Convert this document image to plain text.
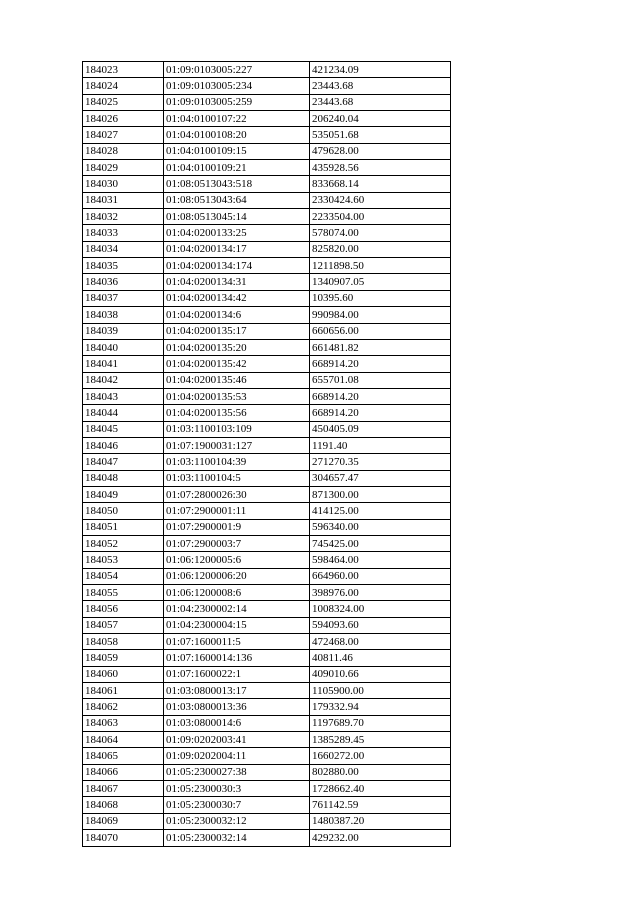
184023	01:09:0103005:227	421234.09
184024	01:09:0103005:234	23443.68
184025	01:09:0103005:259	23443.68
184026	01:04:0100107:22	206240.04
184027	01:04:0100108:20	535051.68
184028	01:04:0100109:15	479628.00
184029	01:04:0100109:21	435928.56
184030	01:08:0513043:518	833668.14
184031	01:08:0513043:64	2330424.60
184032	01:08:0513045:14	2233504.00
184033	01:04:0200133:25	578074.00
184034	01:04:0200134:17	825820.00
184035	01:04:0200134:174	1211898.50
184036	01:04:0200134:31	1340907.05
184037	01:04:0200134:42	10395.60
184038	01:04:0200134:6	990984.00
184039	01:04:0200135:17	660656.00
184040	01:04:0200135:20	661481.82
184041	01:04:0200135:42	668914.20
184042	01:04:0200135:46	655701.08
184043	01:04:0200135:53	668914.20
184044	01:04:0200135:56	668914.20
184045	01:03:1100103:109	450405.09
184046	01:07:1900031:127	1191.40
184047	01:03:1100104:39	271270.35
184048	01:03:1100104:5	304657.47
184049	01:07:2800026:30	871300.00
184050	01:07:2900001:11	414125.00
184051	01:07:2900001:9	596340.00
184052	01:07:2900003:7	745425.00
184053	01:06:1200005:6	598464.00
184054	01:06:1200006:20	664960.00
184055	01:06:1200008:6	398976.00
184056	01:04:2300002:14	1008324.00
184057	01:04:2300004:15	594093.60
184058	01:07:1600011:5	472468.00
184059	01:07:1600014:136	40811.46
184060	01:07:1600022:1	409010.66
184061	01:03:0800013:17	1105900.00
184062	01:03:0800013:36	179332.94
184063	01:03:0800014:6	1197689.70
184064	01:09:0202003:41	1385289.45
184065	01:09:0202004:11	1660272.00
184066	01:05:2300027:38	802880.00
184067	01:05:2300030:3	1728662.40
184068	01:05:2300030:7	761142.59
184069	01:05:2300032:12	1480387.20
184070	01:05:2300032:14	429232.00
